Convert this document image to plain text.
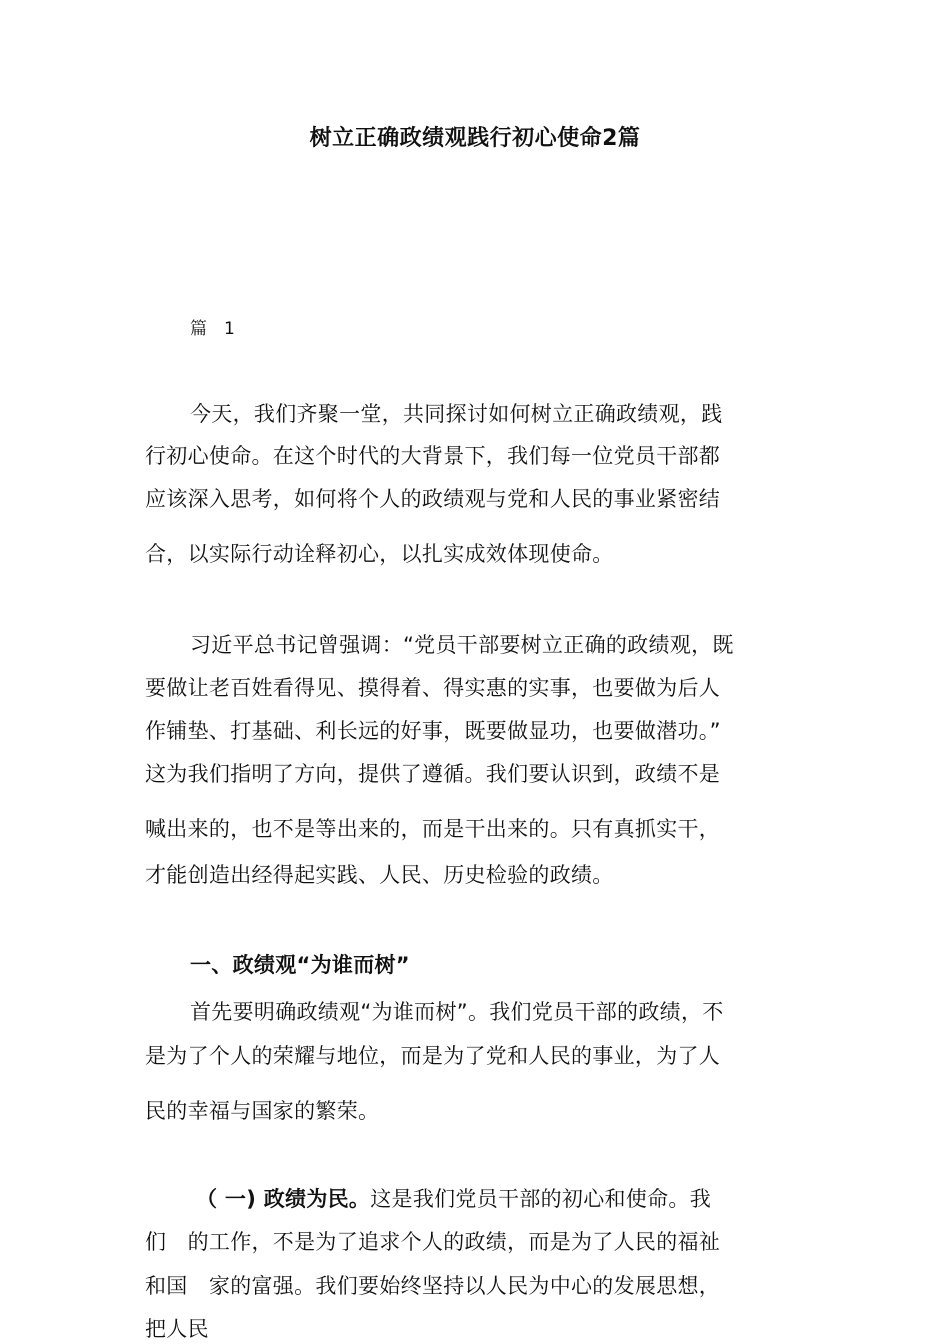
树立正确政绩观践行初心使命2篇
篇　1
今天，我们齐聚一堂，共同探讨如何树立正确政绩观，践
行初心使命。在这个时代的大背景下，我们每一位党员干部都
应该深入思考，如何将个人的政绩观与党和人民的事业紧密结
合，以实际行动诠释初心，以扎实成效体现使命。
习近平总书记曾强调：“党员干部要树立正确的政绩观，既
要做让老百姓看得见、摸得着、得实惠的实事，也要做为后人
作铺垫、打基础、利长远的好事，既要做显功，也要做潜功。”
这为我们指明了方向，提供了遵循。我们要认识到，政绩不是
喊出来的，也不是等出来的，而是干出来的。只有真抓实干，
才能创造出经得起实践、人民、历史检验的政绩。
一、政绩观“为谁而树”
首先要明确政绩观“为谁而树”。我们党员干部的政绩，不
是为了个人的荣耀与地位，而是为了党和人民的事业，为了人
民的幸福与国家的繁荣。
（ 一) 政绩为民。这是我们党员干部的初心和使命。我
们　的工作，不是为了追求个人的政绩，而是为了人民的福祉
和国　家的富强。我们要始终坚持以人民为中心的发展思想，
把人民
